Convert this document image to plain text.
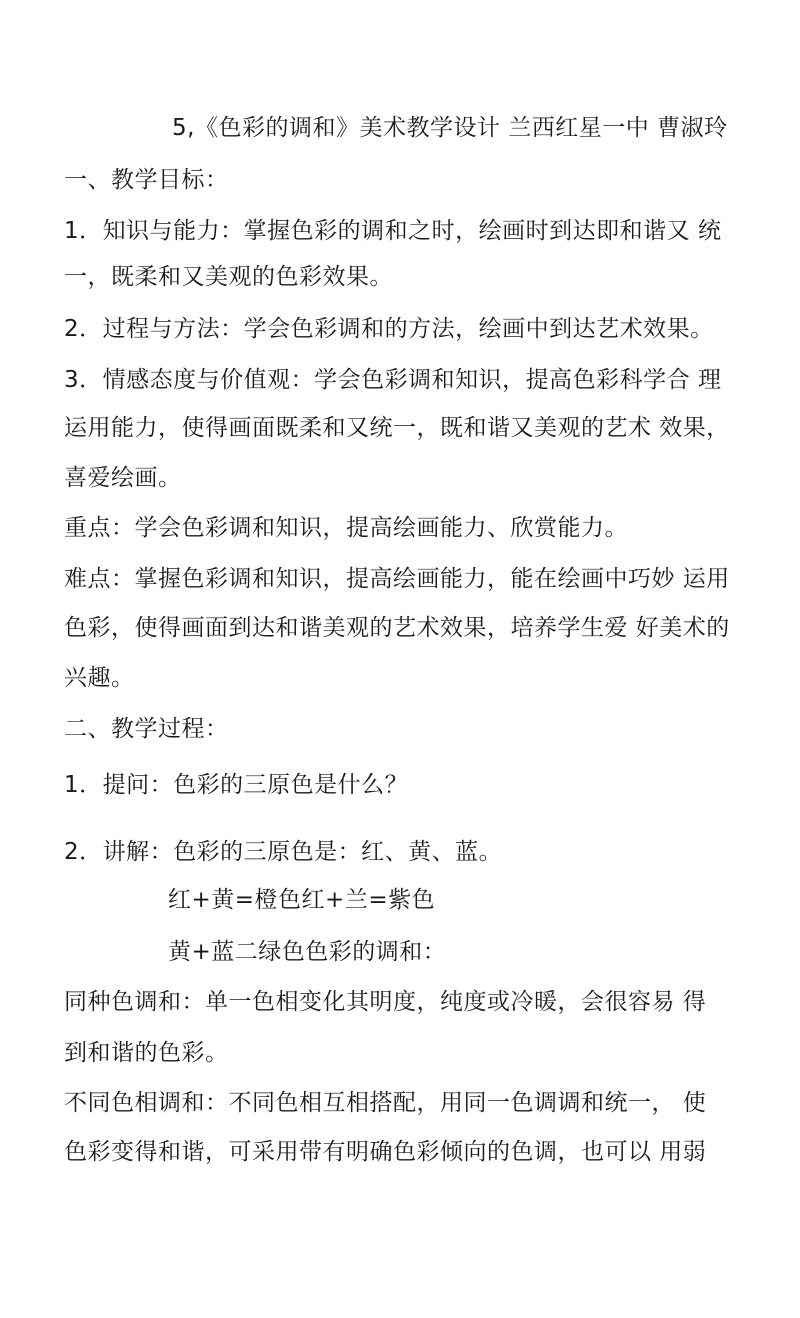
5,《色彩的调和》美术教学设计 兰西红星一中 曹淑玲
一、教学目标：
1．知识与能力：掌握色彩的调和之时，绘画时到达即和谐又 统
一，既柔和又美观的色彩效果。
2．过程与方法：学会色彩调和的方法，绘画中到达艺术效果。
3．情感态度与价值观：学会色彩调和知识，提高色彩科学合 理
运用能力，使得画面既柔和又统一，既和谐又美观的艺术 效果，
喜爱绘画。
重点：学会色彩调和知识，提高绘画能力、欣赏能力。
难点：掌握色彩调和知识，提高绘画能力，能在绘画中巧妙 运用
色彩，使得画面到达和谐美观的艺术效果，培养学生爱 好美术的
兴趣。
二、教学过程：
1．提问：色彩的三原色是什么？
2．讲解：色彩的三原色是：红、黄、蓝。
红+黄=橙色红+兰=紫色
黄+蓝二绿色色彩的调和：
同种色调和：单一色相变化其明度，纯度或冷暖，会很容易 得
到和谐的色彩。
不同色相调和：不同色相互相搭配，用同一色调调和统一， 使
色彩变得和谐，可采用带有明确色彩倾向的色调，也可以 用弱
